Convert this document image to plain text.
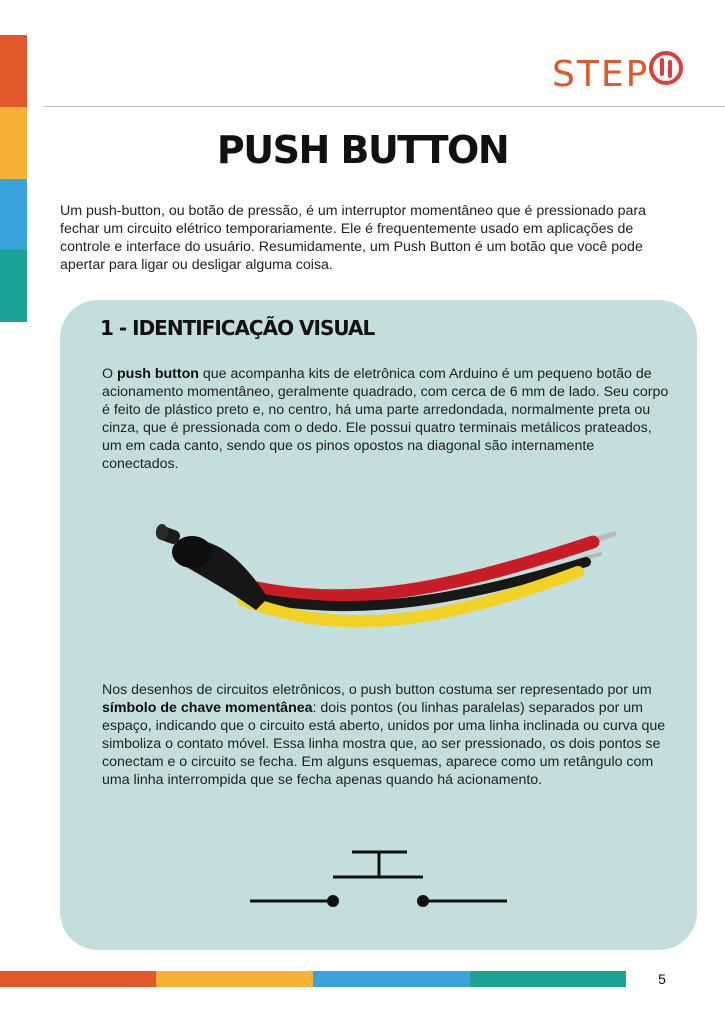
STEP
PUSH BUTTON
Um push-button, ou botão de pressão, é um interruptor momentâneo que é pressionado para fechar um circuito elétrico temporariamente. Ele é frequentemente usado em aplicações de controle e interface do usuário. Resumidamente, um Push Button é um botão que você pode apertar para ligar ou desligar alguma coisa.
1 - IDENTIFICAÇÃO VISUAL
O push button que acompanha kits de eletrônica com Arduino é um pequeno botão de acionamento momentâneo, geralmente quadrado, com cerca de 6 mm de lado. Seu corpo é feito de plástico preto e, no centro, há uma parte arredondada, normalmente preta ou cinza, que é pressionada com o dedo. Ele possui quatro terminais metálicos prateados, um em cada canto, sendo que os pinos opostos na diagonal são internamente conectados.
Nos desenhos de circuitos eletrônicos, o push button costuma ser representado por um símbolo de chave momentânea: dois pontos (ou linhas paralelas) separados por um espaço, indicando que o circuito está aberto, unidos por uma linha inclinada ou curva que simboliza o contato móvel. Essa linha mostra que, ao ser pressionado, os dois pontos se conectam e o circuito se fecha. Em alguns esquemas, aparece como um retângulo com uma linha interrompida que se fecha apenas quando há acionamento.
5
